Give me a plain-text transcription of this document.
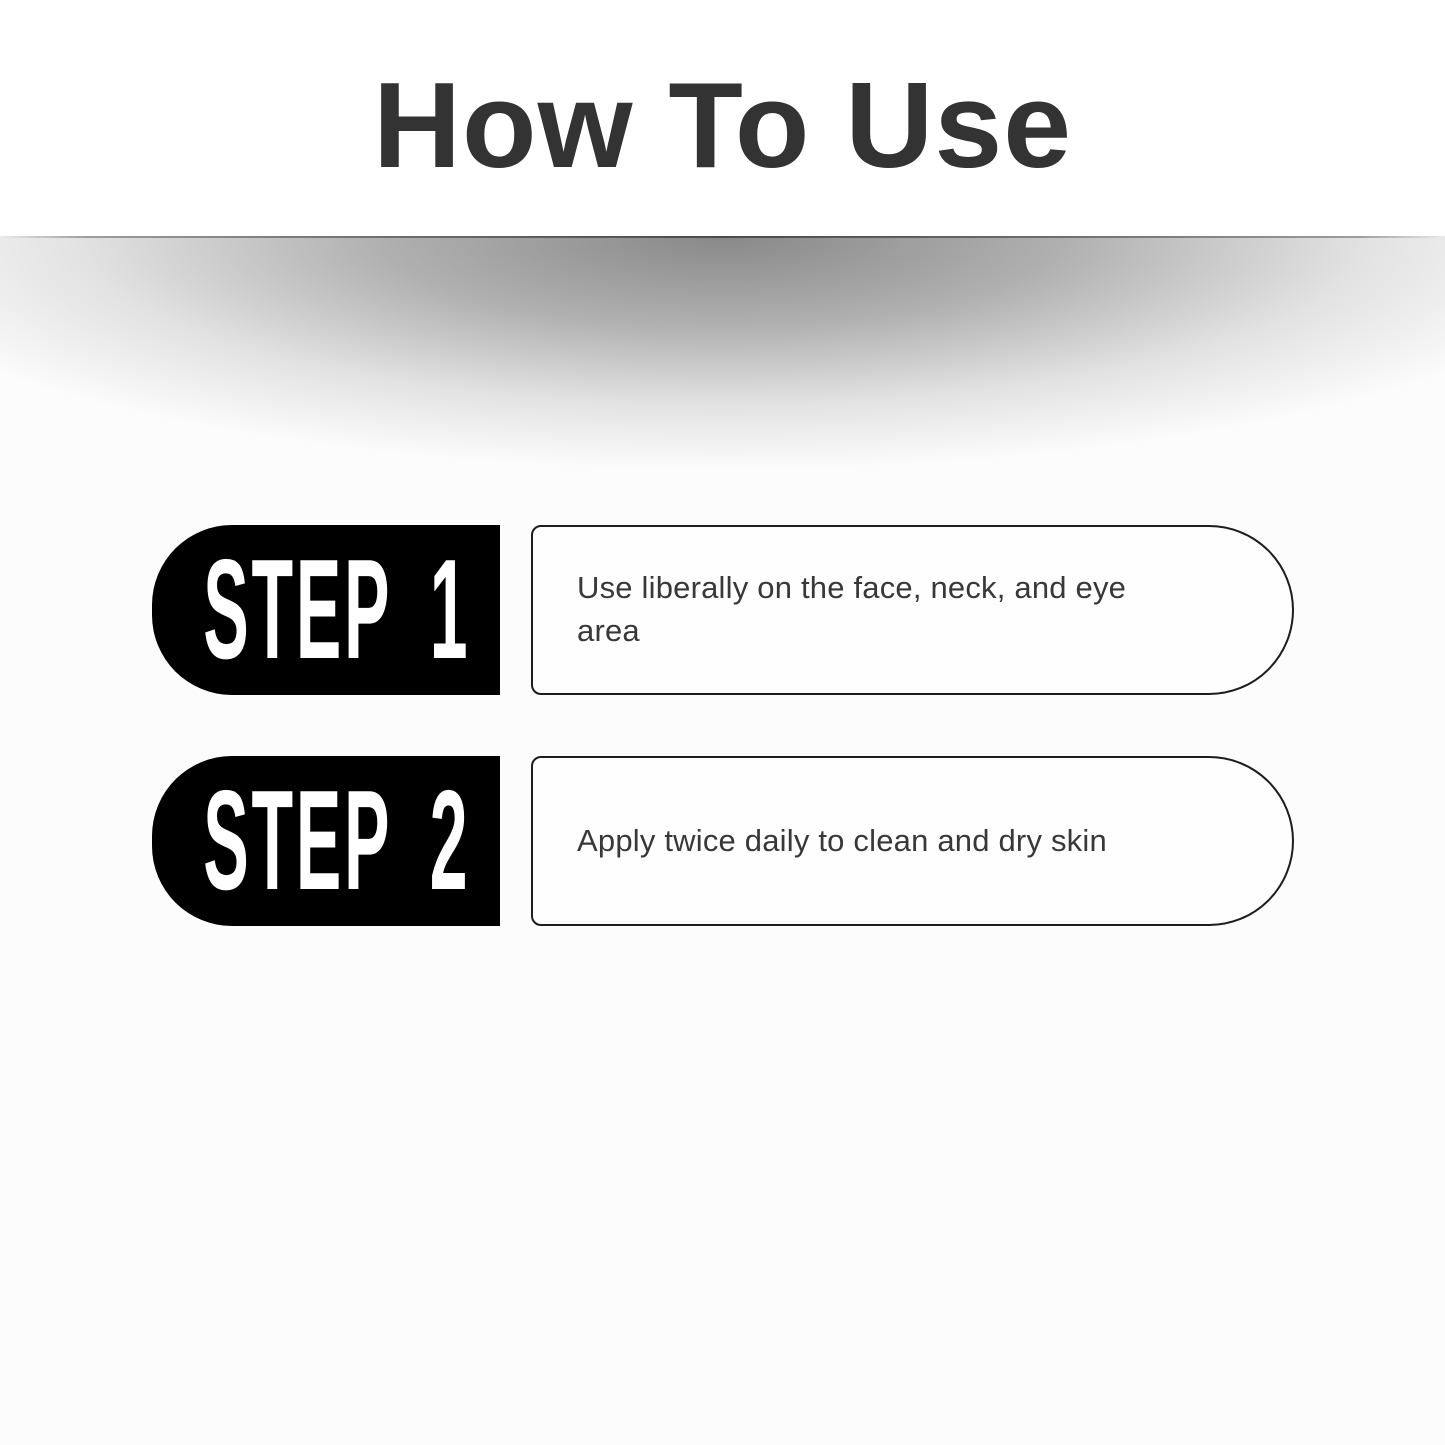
How To Use
STEP 1	Use liberally on the face, neck, and eye area

STEP 2	Apply twice daily to clean and dry skin
